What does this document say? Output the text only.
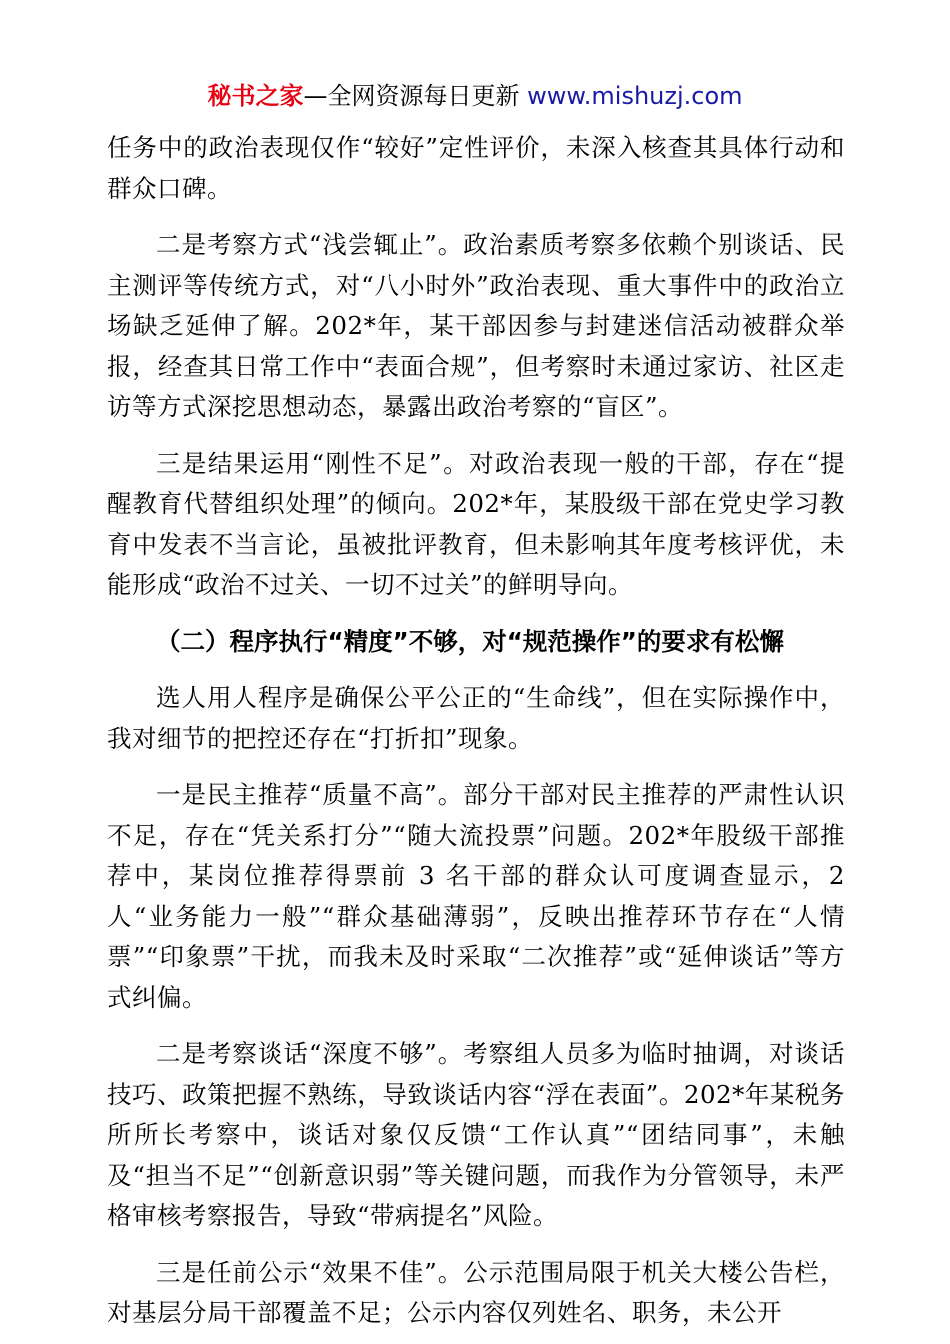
秘书之家—全网资源每日更新 www.mishuzj.com

任务中的政治表现仅作“较好”定性评价，未深入核查其具体行动和群众口碑。

二是考察方式“浅尝辄止”。政治素质考察多依赖个别谈话、民主测评等传统方式，对“八小时外”政治表现、重大事件中的政治立场缺乏延伸了解。202*年，某干部因参与封建迷信活动被群众举报，经查其日常工作中“表面合规”，但考察时未通过家访、社区走访等方式深挖思想动态，暴露出政治考察的“盲区”。

三是结果运用“刚性不足”。对政治表现一般的干部，存在“提醒教育代替组织处理”的倾向。202*年，某股级干部在党史学习教育中发表不当言论，虽被批评教育，但未影响其年度考核评优，未能形成“政治不过关、一切不过关”的鲜明导向。

（二）程序执行“精度”不够，对“规范操作”的要求有松懈

选人用人程序是确保公平公正的“生命线”，但在实际操作中，我对细节的把控还存在“打折扣”现象。

一是民主推荐“质量不高”。部分干部对民主推荐的严肃性认识不足，存在“凭关系打分”“随大流投票”问题。202*年股级干部推荐中，某岗位推荐得票前 3 名干部的群众认可度调查显示，2 人“业务能力一般”“群众基础薄弱”，反映出推荐环节存在“人情票”“印象票”干扰，而我未及时采取“二次推荐”或“延伸谈话”等方式纠偏。

二是考察谈话“深度不够”。考察组人员多为临时抽调，对谈话技巧、政策把握不熟练，导致谈话内容“浮在表面”。202*年某税务所所长考察中，谈话对象仅反馈“工作认真”“团结同事”，未触及“担当不足”“创新意识弱”等关键问题，而我作为分管领导，未严格审核考察报告，导致“带病提名”风险。

三是任前公示“效果不佳”。公示范围局限于机关大楼公告栏，对基层分局干部覆盖不足；公示内容仅列姓名、职务，未公开
